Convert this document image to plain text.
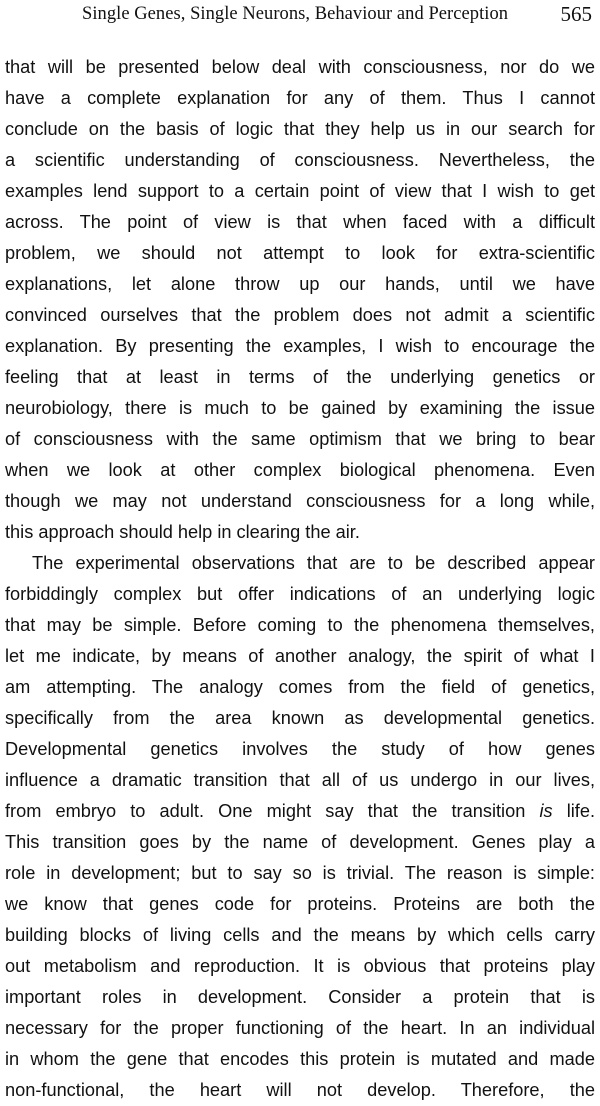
Single Genes, Single Neurons, Behaviour and Perception 565
that will be presented below deal with consciousness, nor do we
have a complete explanation for any of them. Thus I cannot
conclude on the basis of logic that they help us in our search for
a scientific understanding of consciousness. Nevertheless, the
examples lend support to a certain point of view that I wish to get
across. The point of view is that when faced with a difficult
problem, we should not attempt to look for extra-scientific
explanations, let alone throw up our hands, until we have
convinced ourselves that the problem does not admit a scientific
explanation. By presenting the examples, I wish to encourage the
feeling that at least in terms of the underlying genetics or
neurobiology, there is much to be gained by examining the issue
of consciousness with the same optimism that we bring to bear
when we look at other complex biological phenomena. Even
though we may not understand consciousness for a long while,
this approach should help in clearing the air.
The experimental observations that are to be described appear
forbiddingly complex but offer indications of an underlying logic
that may be simple. Before coming to the phenomena themselves,
let me indicate, by means of another analogy, the spirit of what I
am attempting. The analogy comes from the field of genetics,
specifically from the area known as developmental genetics.
Developmental genetics involves the study of how genes
influence a dramatic transition that all of us undergo in our lives,
from embryo to adult. One might say that the transition is life.
This transition goes by the name of development. Genes play a
role in development; but to say so is trivial. The reason is simple:
we know that genes code for proteins. Proteins are both the
building blocks of living cells and the means by which cells carry
out metabolism and reproduction. It is obvious that proteins play
important roles in development. Consider a protein that is
necessary for the proper functioning of the heart. In an individual
in whom the gene that encodes this protein is mutated and made
non-functional, the heart will not develop. Therefore, the
